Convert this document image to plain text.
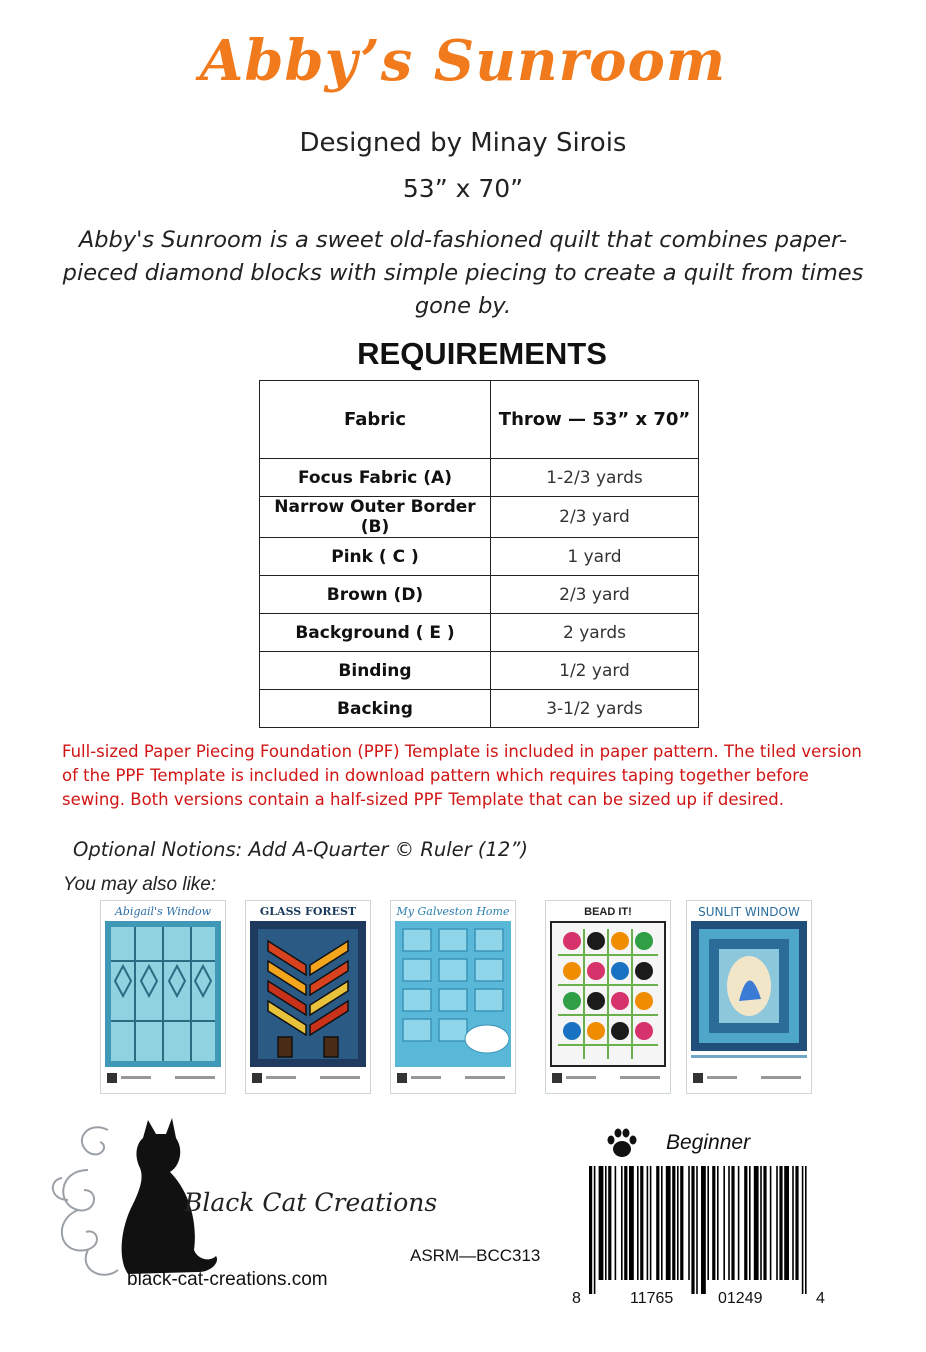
Abby’s Sunroom
Designed by Minay Sirois
53” x 70”
Abby's Sunroom is a sweet old-fashioned quilt that combines paper-pieced diamond blocks with simple piecing to create a quilt from times gone by.
REQUIREMENTS
Fabric	Throw — 53” x 70”
Focus Fabric (A)	1-2/3 yards
Narrow Outer Border (B)	2/3 yard
Pink ( C )	1 yard
Brown (D)	2/3 yard
Background ( E )	2 yards
Binding	1/2 yard
Backing	3-1/2 yards
Full-sized Paper Piecing Foundation (PPF) Template is included in paper pattern. The tiled version of the PPF Template is included in download pattern which requires taping together before sewing. Both versions contain a half-sized PPF Template that can be sized up if desired.
Optional Notions: Add A-Quarter © Ruler (12”)
You may also like:
Abigail's Window	GLASS FOREST	My Galveston Home	BEAD IT!	SUNLIT WINDOW
Black Cat Creations
black-cat-creations.com
ASRM—BCC313
Beginner
8	11765	01249	4
